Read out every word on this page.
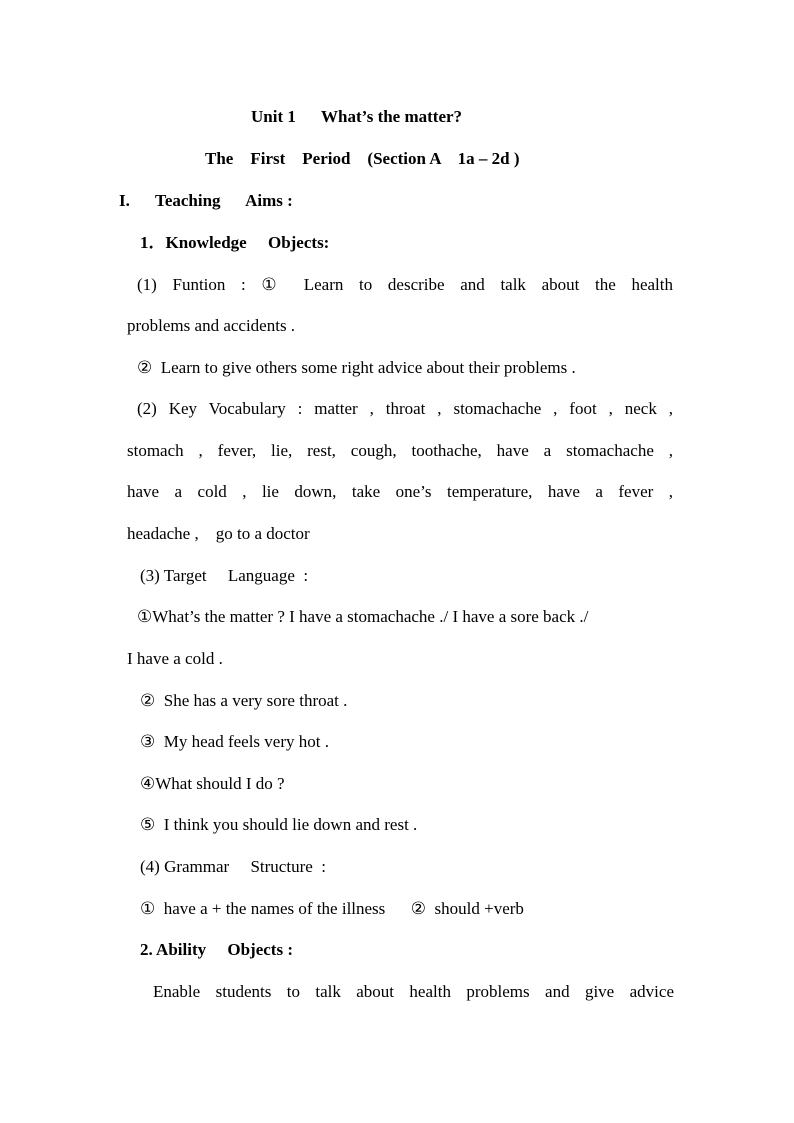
Unit 1      What’s the matter?
The    First    Period    (Section A    1a – 2d )
I.      Teaching      Aims :
1．Knowledge     Objects:
(1) Funtion : ① Learn to describe and talk about the health
problems and accidents .
②  Learn to give others some right advice about their problems .
(2) Key Vocabulary : matter , throat , stomachache , foot , neck ,
stomach , fever, lie, rest, cough, toothache, have a stomachache ,
have a cold , lie down, take one’s temperature, have a fever ,
headache ,    go to a doctor
(3) Target     Language  :
①What’s the matter ? I have a stomachache ./ I have a sore back ./
I have a cold .
②  She has a very sore throat .
③  My head feels very hot .
④What should I do ?
⑤  I think you should lie down and rest .
(4) Grammar     Structure  :
①  have a + the names of the illness      ②  should +verb
2. Ability     Objects :
Enable students to talk about health problems and give advice
